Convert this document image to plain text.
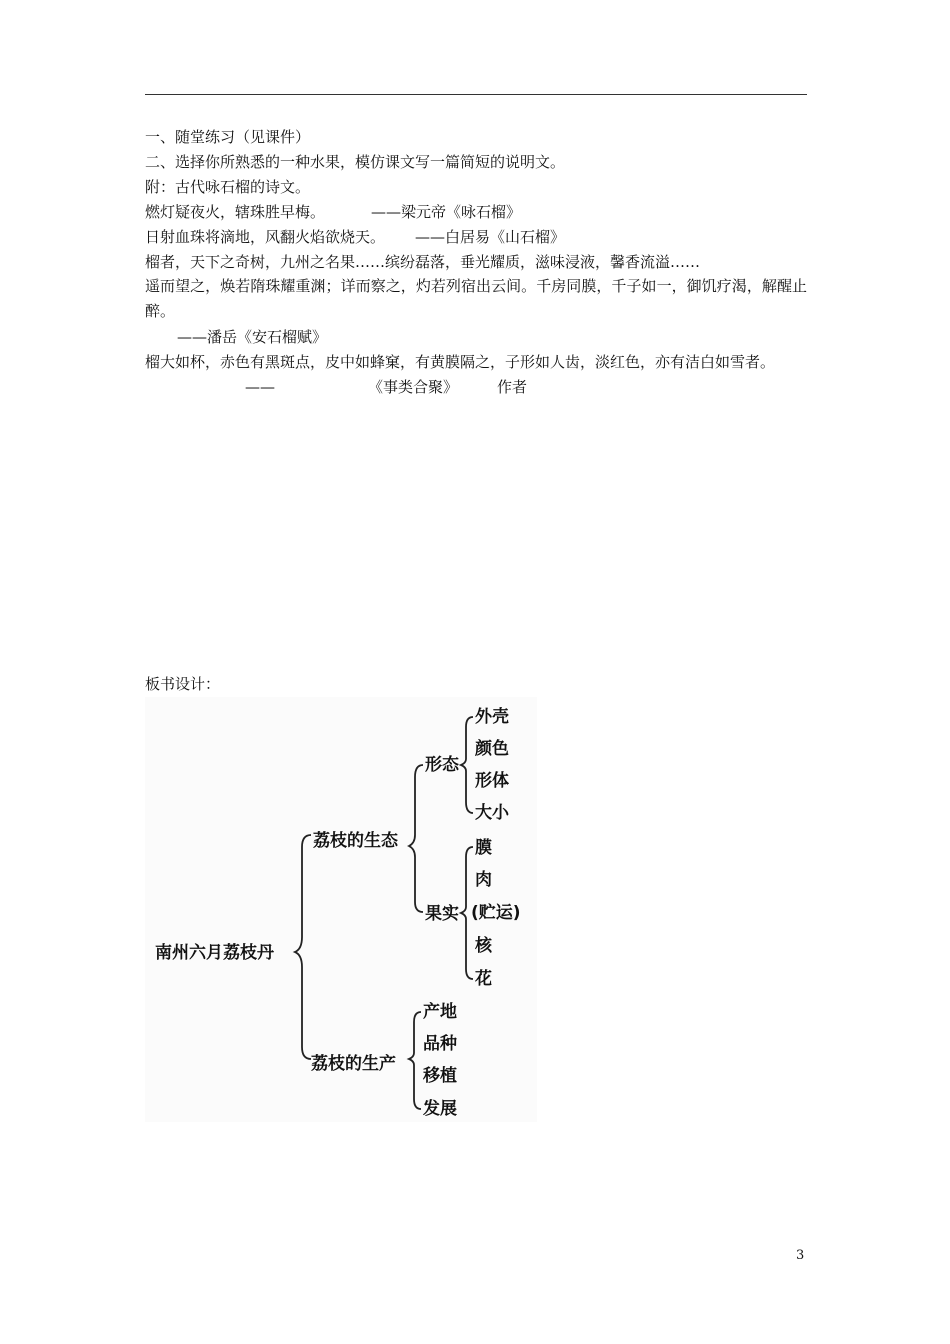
一、随堂练习（见课件）
二、选择你所熟悉的一种水果，模仿课文写一篇简短的说明文。
附：古代咏石榴的诗文。
燃灯疑夜火，辖珠胜早梅。	——梁元帝《咏石榴》
日射血珠将滴地，风翻火焰欲烧天。 ——白居易《山石榴》
榴者，天下之奇树，九州之名果……缤纷磊落，垂光耀质，滋味浸液，馨香流溢……
遥而望之，焕若隋珠耀重渊；详而察之，灼若列宿出云间。千房同膜，千子如一，御饥疗渴，解醒止醉。
——潘岳《安石榴赋》
榴大如杯，赤色有黑斑点，皮中如蜂窠，有黄膜隔之，子形如人齿，淡红色，亦有洁白如雪者。
——	《事类合聚》	作者
板书设计：
南州六月荔枝丹
荔枝的生态
荔枝的生产
形态
果实
外壳
颜色
形体
大小
膜
肉
(贮运)
核
花
产地
品种
移植
发展
3
